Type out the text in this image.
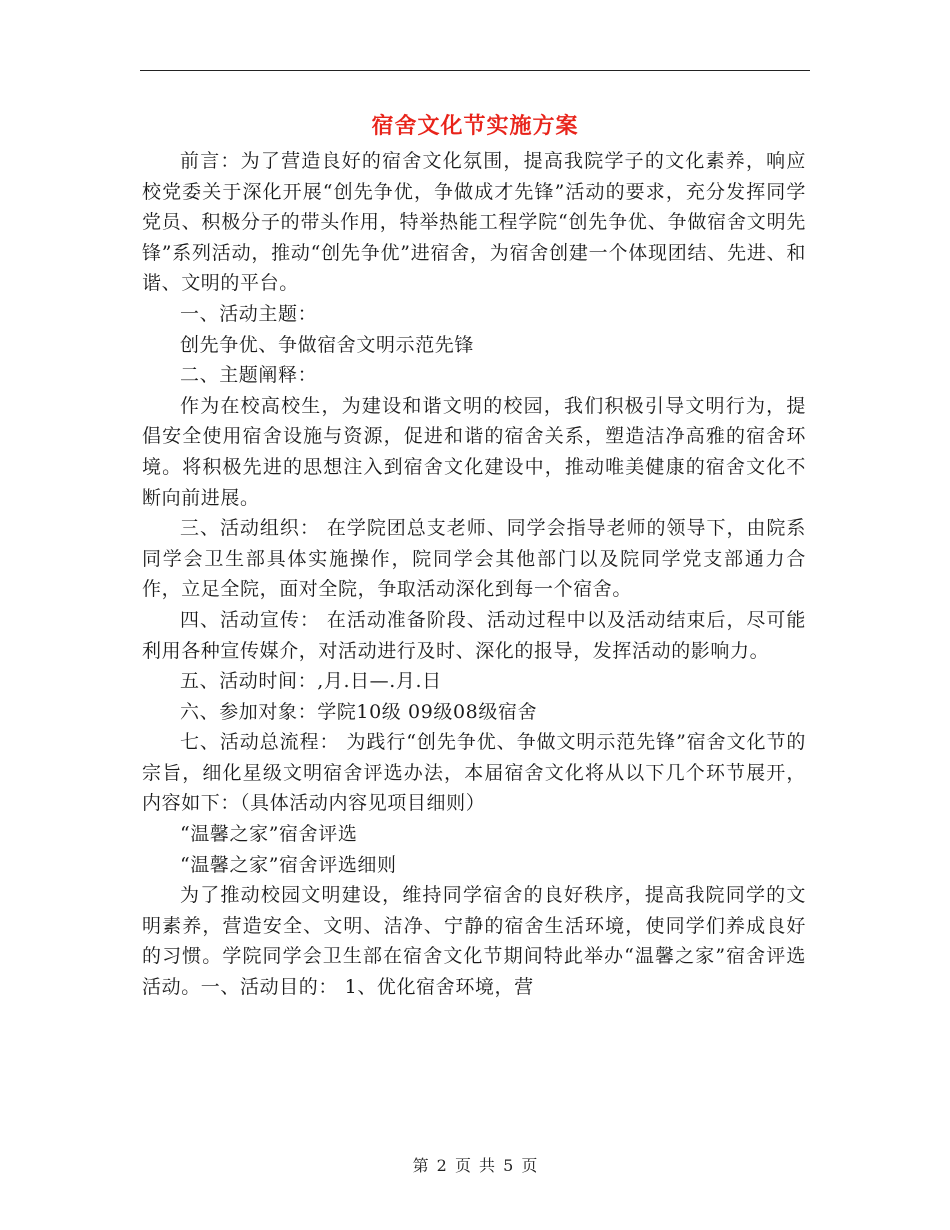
宿舍文化节实施方案

前言：为了营造良好的宿舍文化氛围，提高我院学子的文化素养，响应校党委关于深化开展“创先争优，争做成才先锋”活动的要求，充分发挥同学党员、积极分子的带头作用，特举热能工程学院“创先争优、争做宿舍文明先锋”系列活动，推动“创先争优”进宿舍，为宿舍创建一个体现团结、先进、和谐、文明的平台。

一、活动主题：

创先争优、争做宿舍文明示范先锋

二、主题阐释：

作为在校高校生，为建设和谐文明的校园，我们积极引导文明行为，提倡安全使用宿舍设施与资源，促进和谐的宿舍关系，塑造洁净高雅的宿舍环境。将积极先进的思想注入到宿舍文化建设中，推动唯美健康的宿舍文化不断向前进展。

三、活动组织： 在学院团总支老师、同学会指导老师的领导下，由院系同学会卫生部具体实施操作，院同学会其他部门以及院同学党支部通力合作，立足全院，面对全院，争取活动深化到每一个宿舍。

四、活动宣传： 在活动准备阶段、活动过程中以及活动结束后，尽可能利用各种宣传媒介，对活动进行及时、深化的报导，发挥活动的影响力。

五、活动时间：,月.日—.月.日

六、参加对象：学院10级 09级08级宿舍

七、活动总流程： 为践行“创先争优、争做文明示范先锋”宿舍文化节的宗旨，细化星级文明宿舍评选办法，本届宿舍文化将从以下几个环节展开，内容如下：（具体活动内容见项目细则）

“温馨之家”宿舍评选

“温馨之家”宿舍评选细则

为了推动校园文明建设，维持同学宿舍的良好秩序，提高我院同学的文明素养，营造安全、文明、洁净、宁静的宿舍生活环境，使同学们养成良好的习惯。学院同学会卫生部在宿舍文化节期间特此举办“温馨之家”宿舍评选活动。一、活动目的： 1、优化宿舍环境，营

第 2 页 共 5 页
